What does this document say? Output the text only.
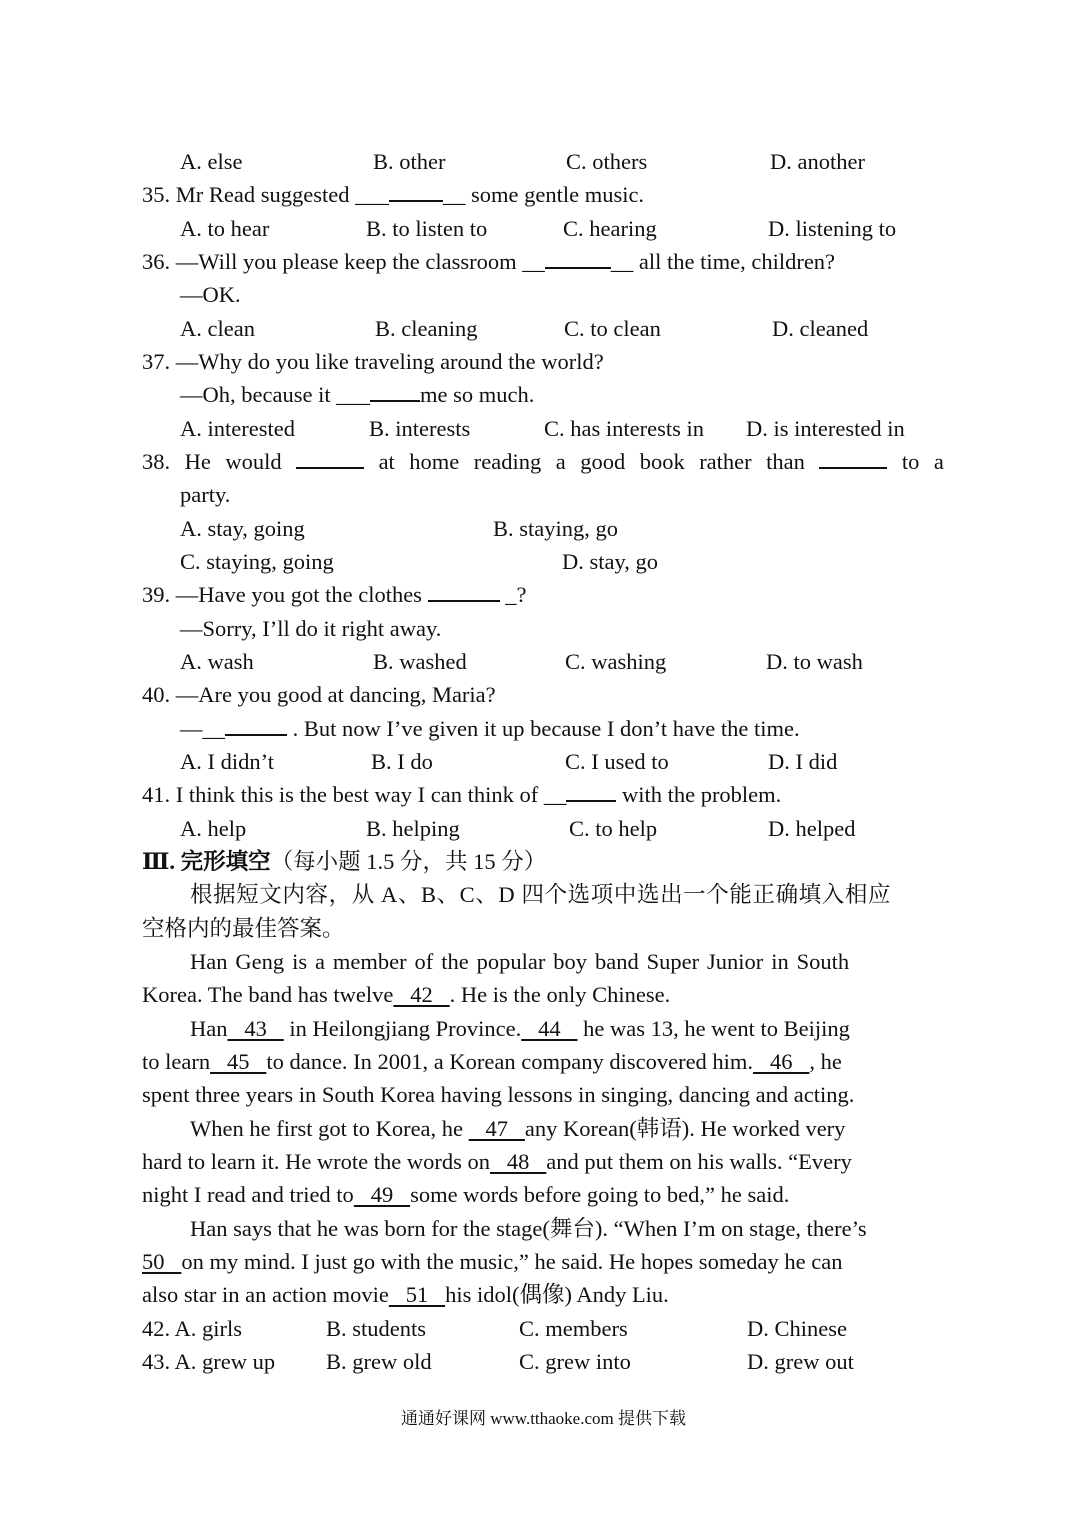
A. else	B. other	C. others	D. another
35. Mr Read suggested ___ __ some gentle music.
A. to hear	B. to listen to	C. hearing	D. listening to
36. —Will you please keep the classroom __	__ all the time, children?
—OK.
A. clean	B. cleaning	C. to clean	D. cleaned
37. —Why do you like traveling around the world?
—Oh, because it ___ me so much.
A. interested	B. interests	C. has interests in D. is interested in
38. He would	at home reading a good book rather than	to a
party.
A. stay, going	B. staying, go
C. staying, going	D. stay, go
39. —Have you got the clothes	_?
—Sorry, I’ll do it right away.
A. wash	B. washed	C. washing	D. to wash
40. —Are you good at dancing, Maria?
—__	. But now I’ve given it up because I don’t have the time.
A. I didn’t	B. I do	C. I used to	D. I did
41. I think this is the best way I can think of __ with the problem.
A. help	B. helping	C. to help	D. helped
Ⅲ. 完形填空（每小题 1.5 分，共 15 分）
根据短文内容，从 A、B、C、D 四个选项中选出一个能正确填入相应
空格内的最佳答案。
Han Geng is a member of the popular boy band Super Junior in South
Korea. The band has twelve   42   . He is the only Chinese.
Han   43    in Heilongjiang Province.   44    he was 13, he went to Beijing
to learn   45   to dance. In 2001, a Korean company discovered him.   46   , he
spent three years in South Korea having lessons in singing, dancing and acting.
When he first got to Korea, he    47   any Korean(韩语). He worked very
hard to learn it. He wrote the words on   48   and put them on his walls. “Every
night I read and tried to   49   some words before going to bed,” he said.
Han says that he was born for the stage(舞台). “When I’m on stage, there’s
50   on my mind. I just go with the music,” he said. He hopes someday he can
also star in an action movie   51   his idol(偶像) Andy Liu.
42. A. girls	B. students	C. members	D. Chinese
43. A. grew up B. grew old	C. grew into	D. grew out
通通好课网 www.tthaoke.com 提供下载
